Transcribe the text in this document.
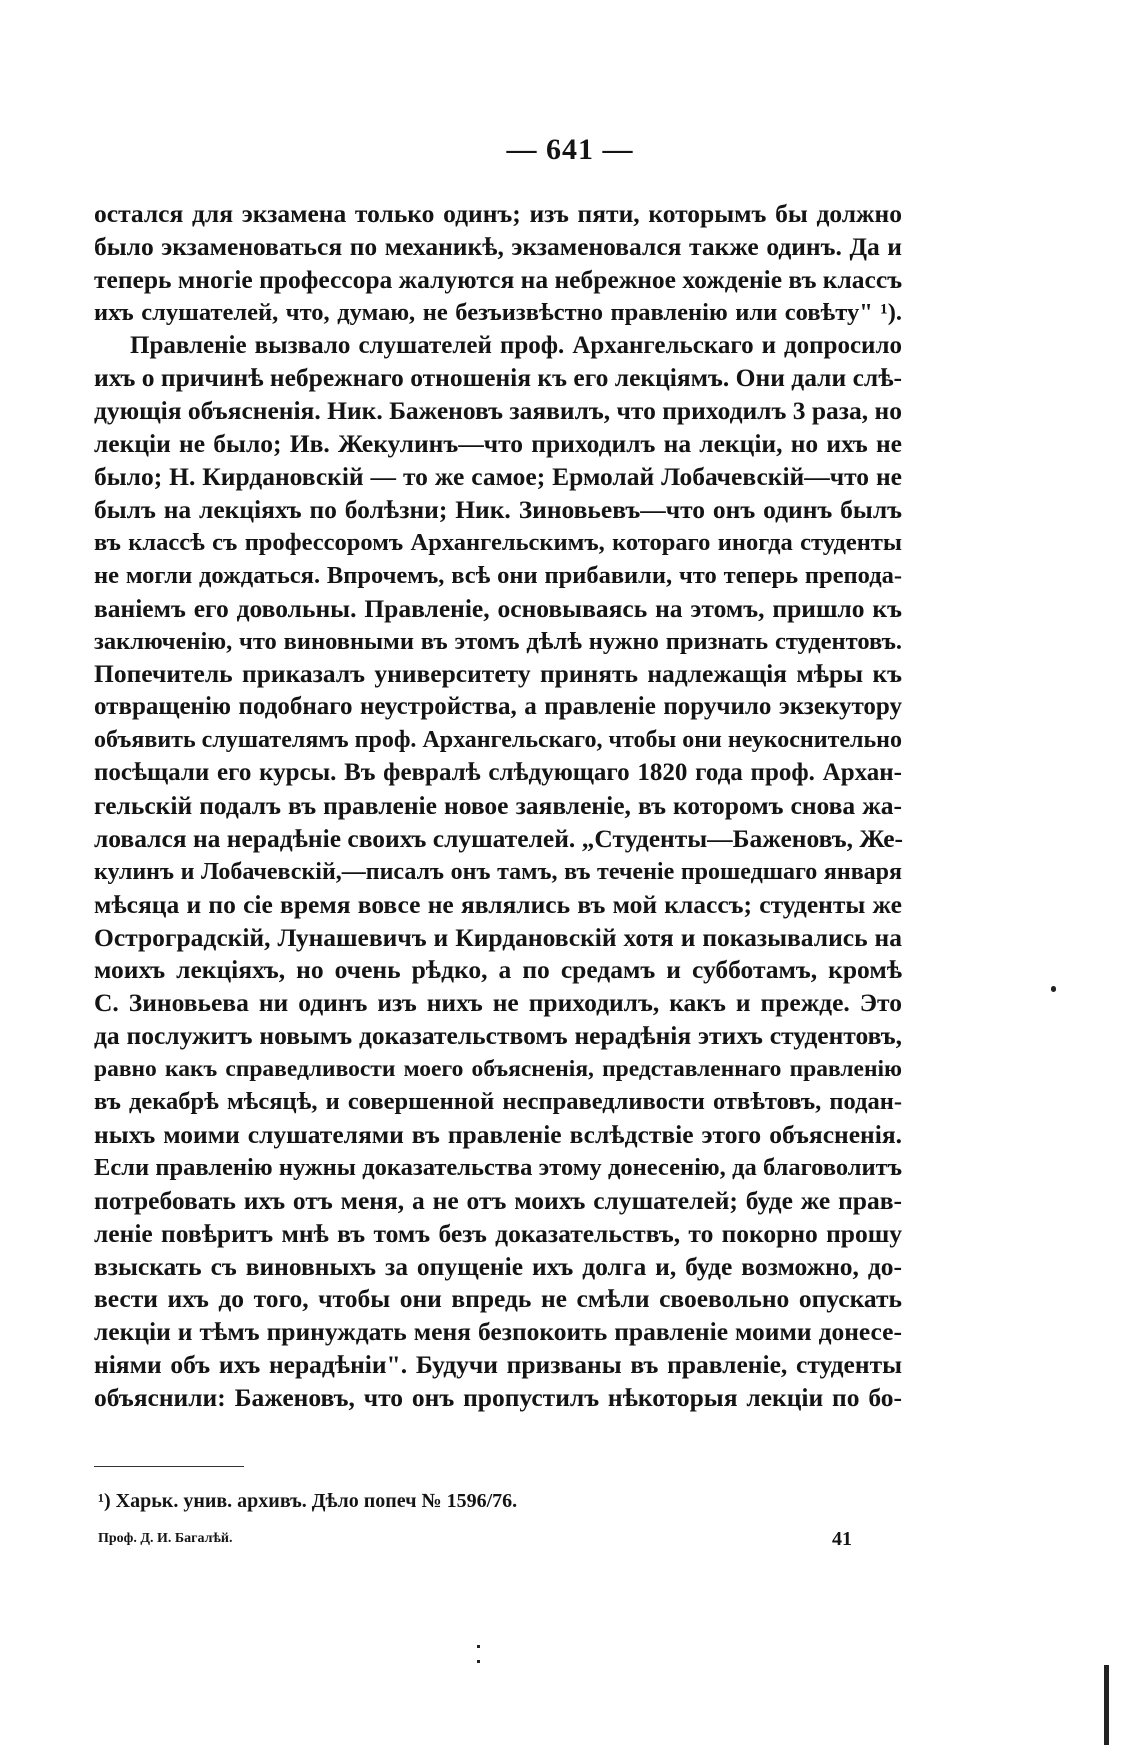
— 641 —
остался для экзамена только одинъ; изъ пяти, которымъ бы должно
было экзаменоваться по механикѣ, экзаменовался также одинъ. Да и
теперь многіе профессора жалуются на небрежное хожденіе въ классъ
ихъ слушателей, что, думаю, не безъизвѣстно правленію или совѣту" ¹).
Правленіе вызвало слушателей проф. Архангельскаго и допросило
ихъ о причинѣ небрежнаго отношенія къ его лекціямъ. Они дали слѣ-
дующія объясненія. Ник. Баженовъ заявилъ, что приходилъ 3 раза, но
лекціи не было; Ив. Жекулинъ—что приходилъ на лекціи, но ихъ не
было; Н. Кирдановскій — то же самое; Ермолай Лобачевскій—что не
былъ на лекціяхъ по болѣзни; Ник. Зиновьевъ—что онъ одинъ былъ
въ классѣ съ профессоромъ Архангельскимъ, котораго иногда студенты
не могли дождаться. Впрочемъ, всѣ они прибавили, что теперь препода-
ваніемъ его довольны. Правленіе, основываясь на этомъ, пришло къ
заключенію, что виновными въ этомъ дѣлѣ нужно признать студентовъ.
Попечитель приказалъ университету принять надлежащія мѣры къ
отвращенію подобнаго неустройства, а правленіе поручило экзекутору
объявить слушателямъ проф. Архангельскаго, чтобы они неукоснительно
посѣщали его курсы. Въ февралѣ слѣдующаго 1820 года проф. Архан-
гельскій подалъ въ правленіе новое заявленіе, въ которомъ снова жа-
ловался на нерадѣніе своихъ слушателей. „Студенты—Баженовъ, Же-
кулинъ и Лобачевскій,—писалъ онъ тамъ, въ теченіе прошедшаго января
мѣсяца и по сіе время вовсе не являлись въ мой классъ; студенты же
Остроградскій, Лунашевичъ и Кирдановскій хотя и показывались на
моихъ лекціяхъ, но очень рѣдко, а по средамъ и субботамъ, кромѣ
С. Зиновьева ни одинъ изъ нихъ не приходилъ, какъ и прежде. Это
да послужитъ новымъ доказательствомъ нерадѣнія этихъ студентовъ,
равно какъ справедливости моего объясненія, представленнаго правленію
въ декабрѣ мѣсяцѣ, и совершенной несправедливости отвѣтовъ, подан-
ныхъ моими слушателями въ правленіе вслѣдствіе этого объясненія.
Если правленію нужны доказательства этому донесенію, да благоволитъ
потребовать ихъ отъ меня, а не отъ моихъ слушателей; буде же прав-
леніе повѣритъ мнѣ въ томъ безъ доказательствъ, то покорно прошу
взыскать съ виновныхъ за опущеніе ихъ долга и, буде возможно, до-
вести ихъ до того, чтобы они впредь не смѣли своевольно опускать
лекціи и тѣмъ принуждать меня безпокоить правленіе моими донесе-
ніями объ ихъ нерадѣніи". Будучи призваны въ правленіе, студенты
объяснили: Баженовъ, что онъ пропустилъ нѣкоторыя лекціи по бо-
¹) Харьк. унив. архивъ. Дѣло попеч № 1596/76.
Проф. Д. И. Багалѣй.	41
